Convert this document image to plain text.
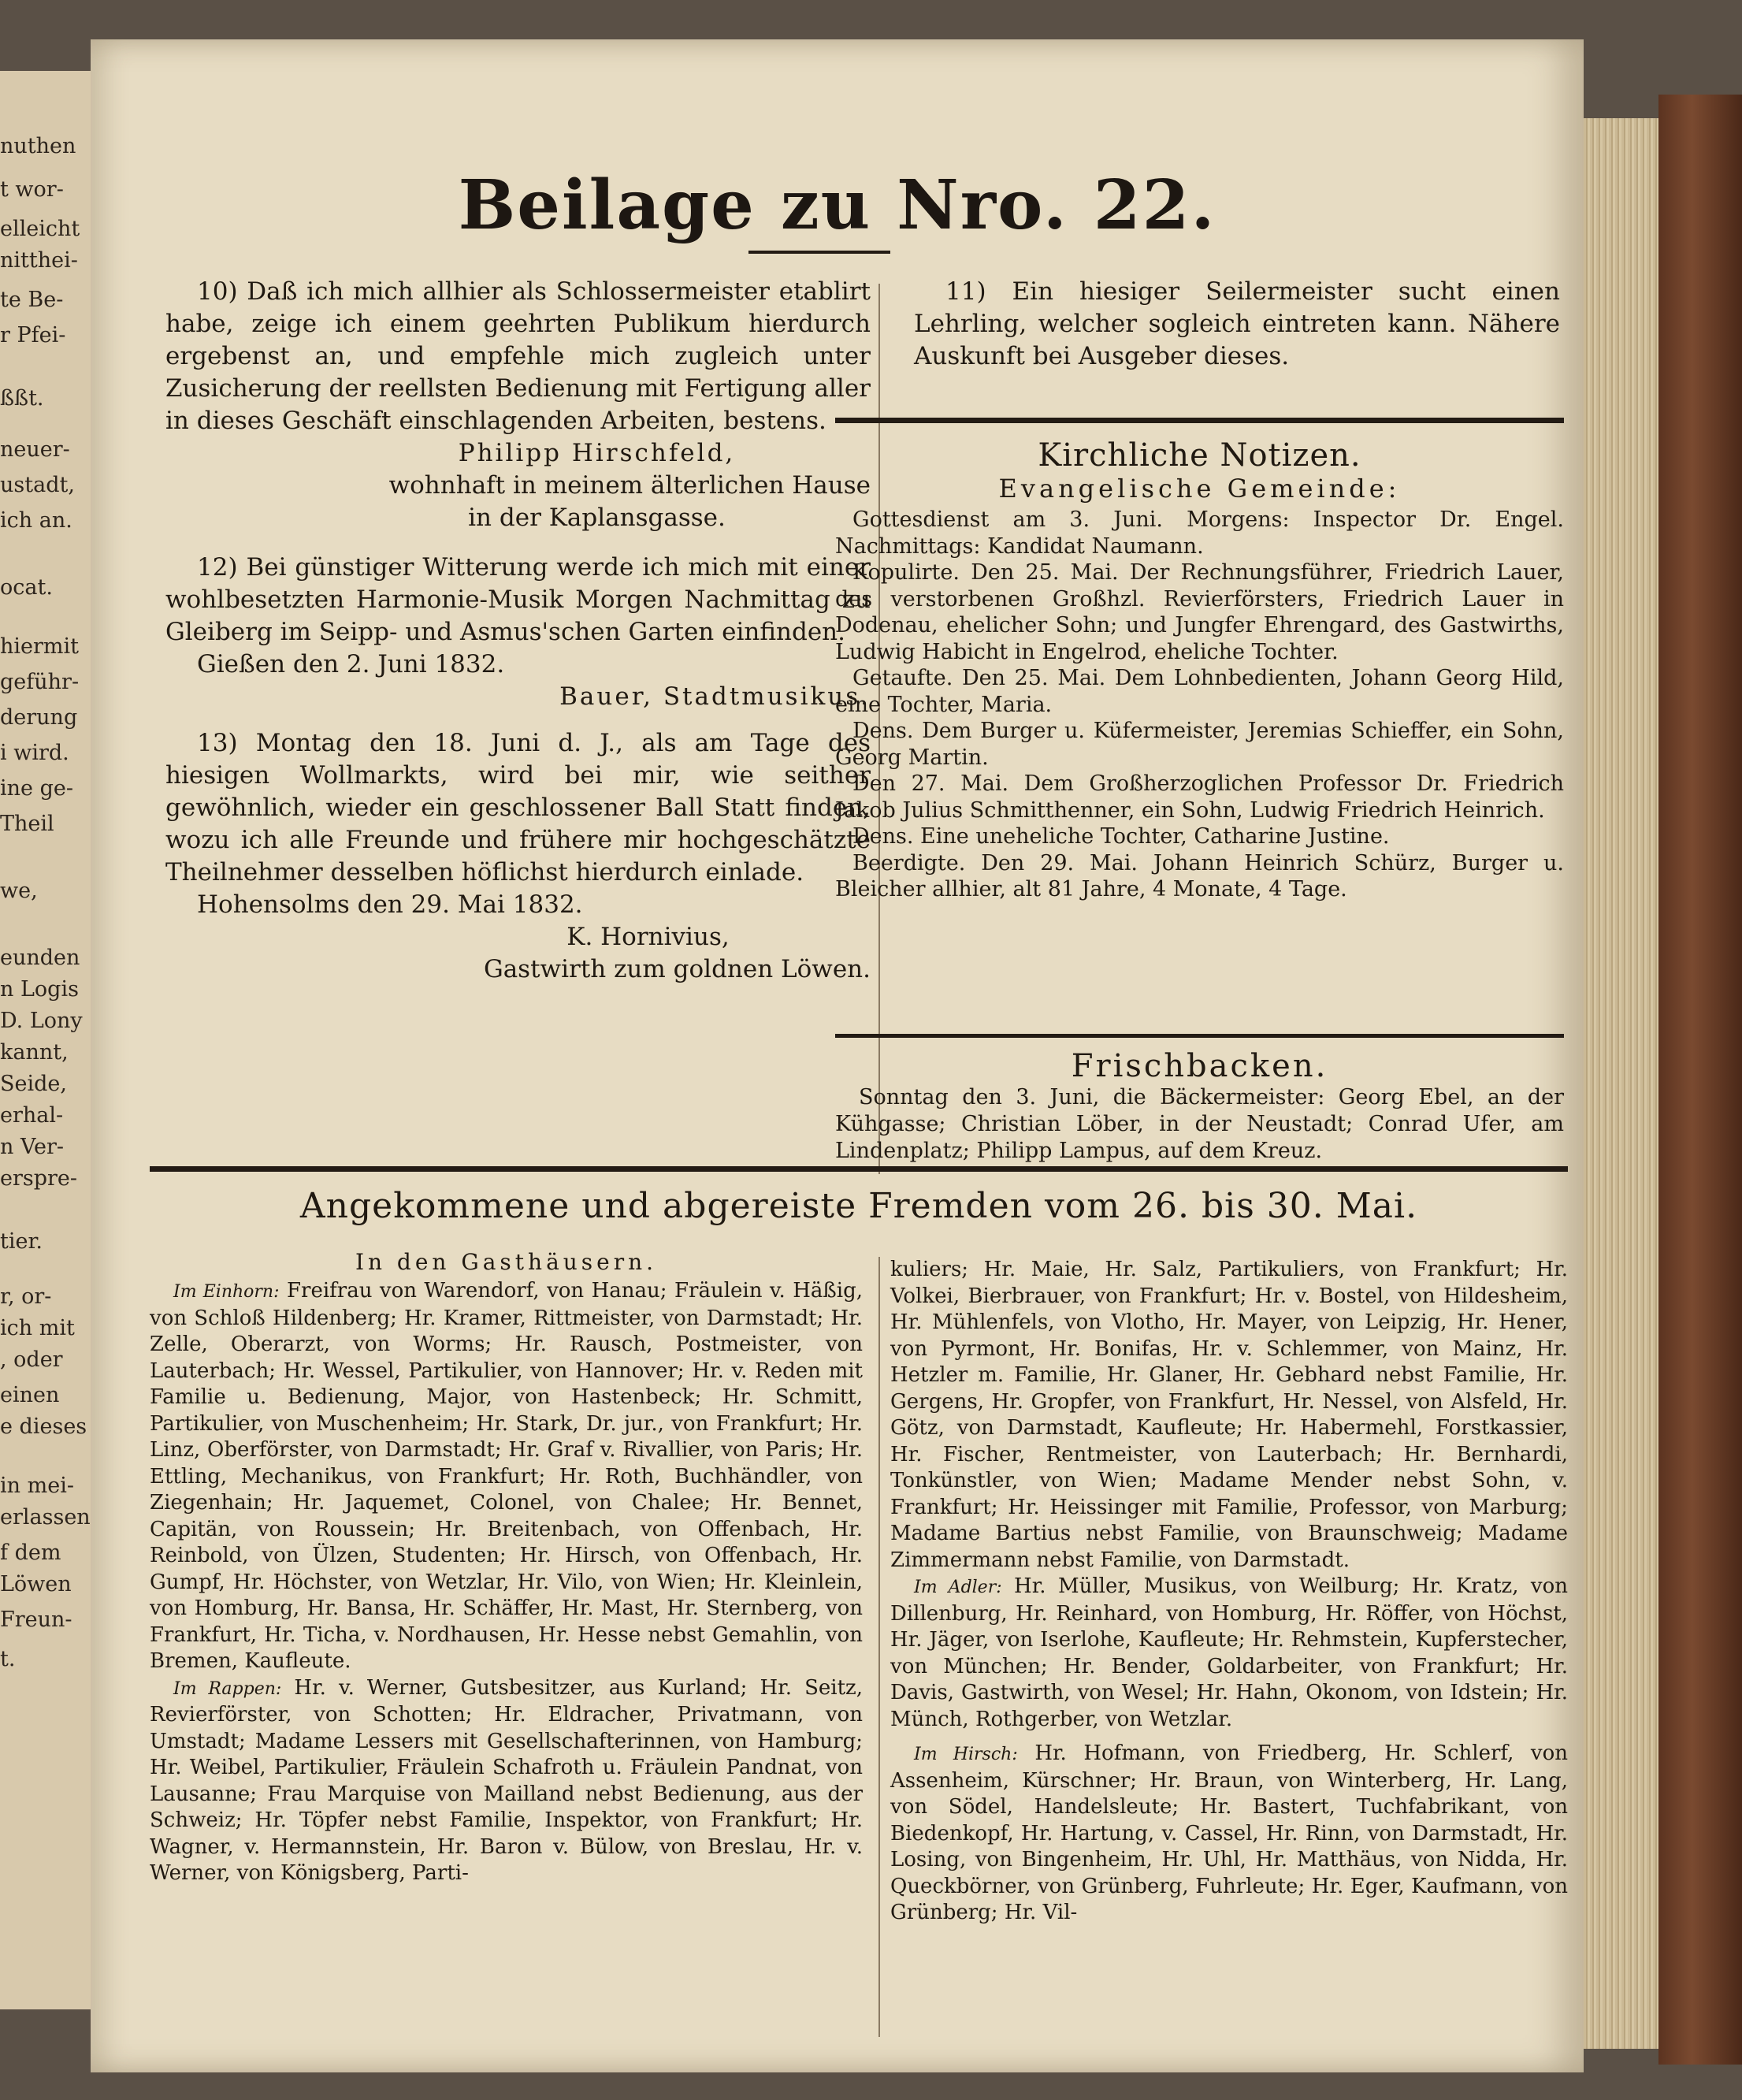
nuthen
t wor-
elleicht
nitthei-
te Be-
r Pfei-
ßßt.
neuer-
ustadt,
ich an.
ocat.
hiermit
geführ-
derung
i wird.
ine ge-
Theil
we,
eunden
n Logis
D. Lony
kannt,
Seide,
erhal-
n Ver-
erspre-
tier.
r, or-
ich mit
, oder
einen
e dieses
in mei-
erlassen
f dem
Löwen
Freun-
t.
Beilage zu Nro. 22.

10) Daß ich mich allhier als Schlossermeister etablirt habe, zeige ich einem geehrten Publikum hierdurch ergebenst an, und empfehle mich zugleich unter Zusicherung der reellsten Bedienung mit Fertigung aller in dieses Geschäft einschlagenden Arbeiten, bestens.

Philipp Hirschfeld,

wohnhaft in meinem älterlichen Hause

in der Kaplansgasse.

12) Bei günstiger Witterung werde ich mich mit einer wohlbesetzten Harmonie-Musik Morgen Nachmittag zu Gleiberg im Seipp- und Asmus'schen Garten einfinden.

Gießen den 2. Juni 1832.

Bauer, Stadtmusikus.

13) Montag den 18. Juni d. J., als am Tage des hiesigen Wollmarkts, wird bei mir, wie seither gewöhnlich, wieder ein geschlossener Ball Statt finden, wozu ich alle Freunde und frühere mir hochgeschätzte Theilnehmer desselben höflichst hierdurch einlade.

Hohensolms den 29. Mai 1832.

K. Hornivius,

Gastwirth zum goldnen Löwen.

11) Ein hiesiger Seilermeister sucht einen Lehrling, welcher sogleich eintreten kann. Nähere Auskunft bei Ausgeber dieses.

Kirchliche Notizen.

Evangelische Gemeinde:

Gottesdienst am 3. Juni. Morgens: Inspector Dr. Engel. Nachmittags: Kandidat Naumann.

Kopulirte. Den 25. Mai. Der Rechnungsführer, Friedrich Lauer, des verstorbenen Großhzl. Revierförsters, Friedrich Lauer in Dodenau, ehelicher Sohn; und Jungfer Ehrengard, des Gastwirths, Ludwig Habicht in Engelrod, eheliche Tochter.

Getaufte. Den 25. Mai. Dem Lohnbedienten, Johann Georg Hild, eine Tochter, Maria.

Dens. Dem Burger u. Küfermeister, Jeremias Schieffer, ein Sohn, Georg Martin.

Den 27. Mai. Dem Großherzoglichen Professor Dr. Friedrich Jakob Julius Schmitthenner, ein Sohn, Ludwig Friedrich Heinrich.

Dens. Eine uneheliche Tochter, Catharine Justine.

Beerdigte. Den 29. Mai. Johann Heinrich Schürz, Burger u. Bleicher allhier, alt 81 Jahre, 4 Monate, 4 Tage.

Frischbacken.

Sonntag den 3. Juni, die Bäckermeister: Georg Ebel, an der Kühgasse; Christian Löber, in der Neustadt; Conrad Ufer, am Lindenplatz; Philipp Lampus, auf dem Kreuz.

Angekommene und abgereiste Fremden vom 26. bis 30. Mai.

In den Gasthäusern.

Im Einhorn: Freifrau von Warendorf, von Hanau; Fräulein v. Häßig, von Schloß Hildenberg; Hr. Kramer, Rittmeister, von Darmstadt; Hr. Zelle, Oberarzt, von Worms; Hr. Rausch, Postmeister, von Lauterbach; Hr. Wessel, Partikulier, von Hannover; Hr. v. Reden mit Familie u. Bedienung, Major, von Hastenbeck; Hr. Schmitt, Partikulier, von Muschenheim; Hr. Stark, Dr. jur., von Frankfurt; Hr. Linz, Oberförster, von Darmstadt; Hr. Graf v. Rivallier, von Paris; Hr. Ettling, Mechanikus, von Frankfurt; Hr. Roth, Buchhändler, von Ziegenhain; Hr. Jaquemet, Colonel, von Chalee; Hr. Bennet, Capitän, von Roussein; Hr. Breitenbach, von Offenbach, Hr. Reinbold, von Ülzen, Studenten; Hr. Hirsch, von Offenbach, Hr. Gumpf, Hr. Höchster, von Wetzlar, Hr. Vilo, von Wien; Hr. Kleinlein, von Homburg, Hr. Bansa, Hr. Schäffer, Hr. Mast, Hr. Sternberg, von Frankfurt, Hr. Ticha, v. Nordhausen, Hr. Hesse nebst Gemahlin, von Bremen, Kaufleute.

Im Rappen: Hr. v. Werner, Gutsbesitzer, aus Kurland; Hr. Seitz, Revierförster, von Schotten; Hr. Eldracher, Privatmann, von Umstadt; Madame Lessers mit Gesellschafterinnen, von Hamburg; Hr. Weibel, Partikulier, Fräulein Schafroth u. Fräulein Pandnat, von Lausanne; Frau Marquise von Mailland nebst Bedienung, aus der Schweiz; Hr. Töpfer nebst Familie, Inspektor, von Frankfurt; Hr. Wagner, v. Hermannstein, Hr. Baron v. Bülow, von Breslau, Hr. v. Werner, von Königsberg, Parti-

kuliers; Hr. Maie, Hr. Salz, Partikuliers, von Frankfurt; Hr. Volkei, Bierbrauer, von Frankfurt; Hr. v. Bostel, von Hildesheim, Hr. Mühlenfels, von Vlotho, Hr. Mayer, von Leipzig, Hr. Hener, von Pyrmont, Hr. Bonifas, Hr. v. Schlemmer, von Mainz, Hr. Hetzler m. Familie, Hr. Glaner, Hr. Gebhard nebst Familie, Hr. Gergens, Hr. Gropfer, von Frankfurt, Hr. Nessel, von Alsfeld, Hr. Götz, von Darmstadt, Kaufleute; Hr. Habermehl, Forstkassier, Hr. Fischer, Rentmeister, von Lauterbach; Hr. Bernhardi, Tonkünstler, von Wien; Madame Mender nebst Sohn, v. Frankfurt; Hr. Heissinger mit Familie, Professor, von Marburg; Madame Bartius nebst Familie, von Braunschweig; Madame Zimmermann nebst Familie, von Darmstadt.

Im Adler: Hr. Müller, Musikus, von Weilburg; Hr. Kratz, von Dillenburg, Hr. Reinhard, von Homburg, Hr. Röffer, von Höchst, Hr. Jäger, von Iserlohe, Kaufleute; Hr. Rehmstein, Kupferstecher, von München; Hr. Bender, Goldarbeiter, von Frankfurt; Hr. Davis, Gastwirth, von Wesel; Hr. Hahn, Okonom, von Idstein; Hr. Münch, Rothgerber, von Wetzlar.

Im Hirsch: Hr. Hofmann, von Friedberg, Hr. Schlerf, von Assenheim, Kürschner; Hr. Braun, von Winterberg, Hr. Lang, von Södel, Handelsleute; Hr. Bastert, Tuchfabrikant, von Biedenkopf, Hr. Hartung, v. Cassel, Hr. Rinn, von Darmstadt, Hr. Losing, von Bingenheim, Hr. Uhl, Hr. Matthäus, von Nidda, Hr. Queckbörner, von Grünberg, Fuhrleute; Hr. Eger, Kaufmann, von Grünberg; Hr. Vil-
